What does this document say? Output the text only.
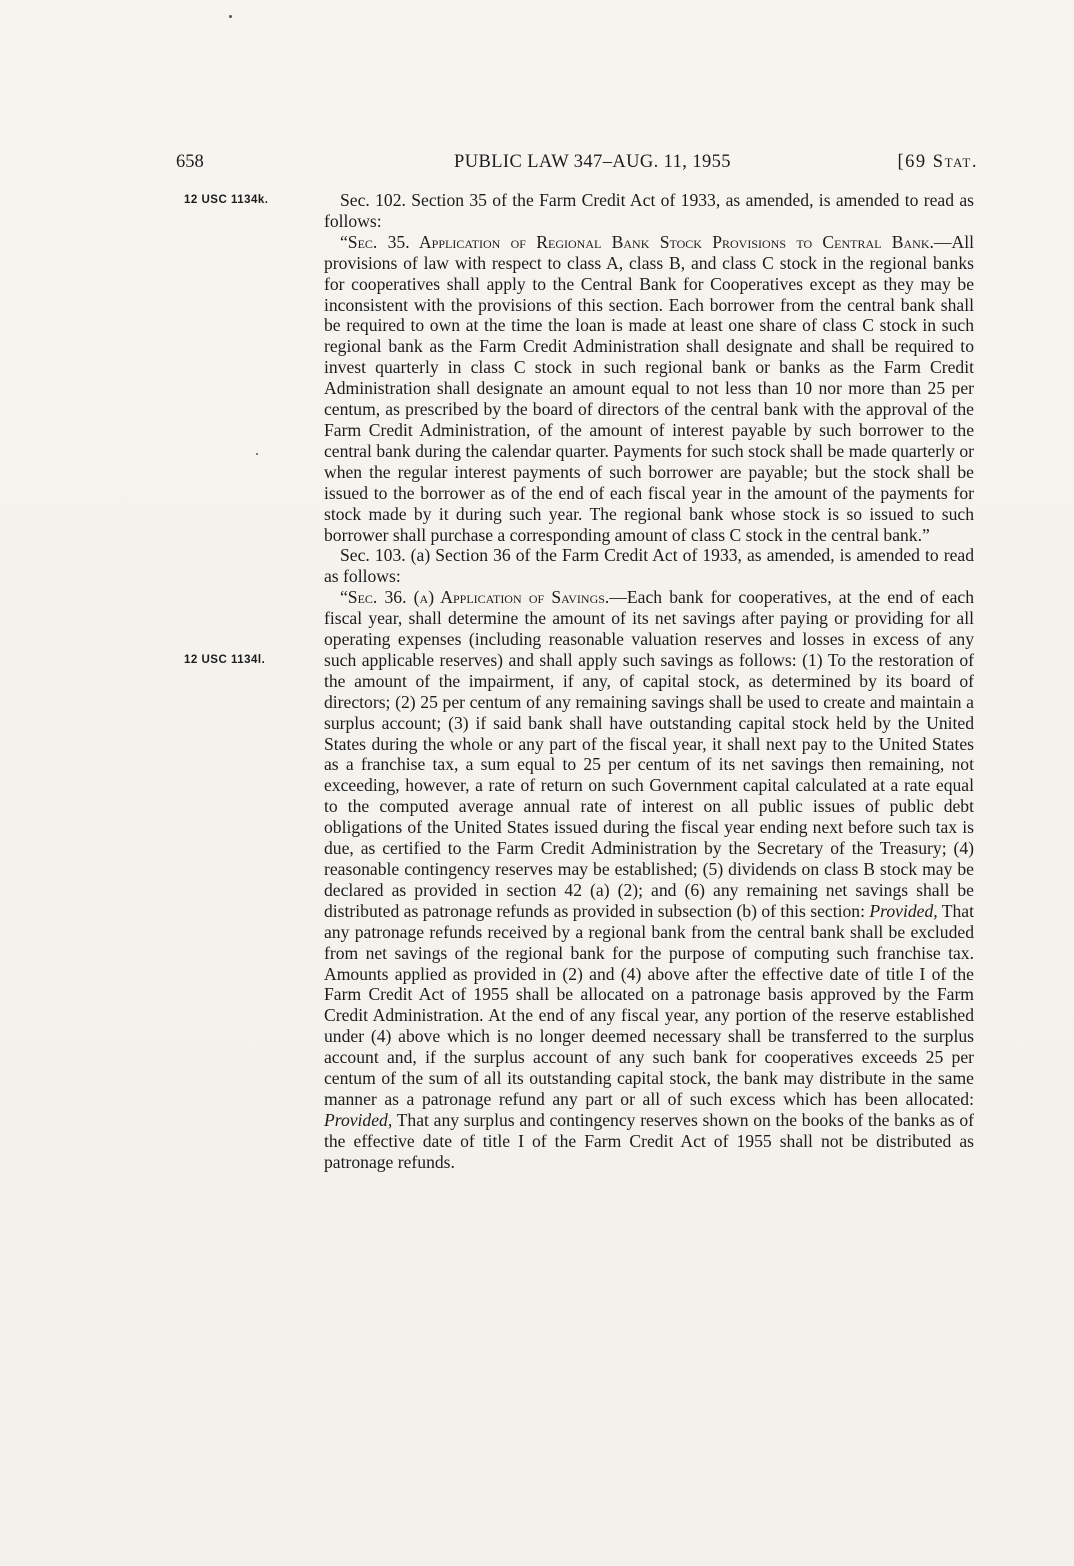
658	PUBLIC LAW 347–AUG. 11, 1955	[69 Stat.
12 USC 1134k.
12 USC 1134l.

Sec. 102. Section 35 of the Farm Credit Act of 1933, as amended, is amended to read as follows:

“Sec. 35. Application of Regional Bank Stock Provisions to Central Bank.—All provisions of law with respect to class A, class B, and class C stock in the regional banks for cooperatives shall apply to the Central Bank for Cooperatives except as they may be inconsistent with the provisions of this section. Each borrower from the central bank shall be required to own at the time the loan is made at least one share of class C stock in such regional bank as the Farm Credit Administration shall designate and shall be required to invest quarterly in class C stock in such regional bank or banks as the Farm Credit Administration shall designate an amount equal to not less than 10 nor more than 25 per centum, as prescribed by the board of directors of the central bank with the approval of the Farm Credit Administration, of the amount of interest payable by such borrower to the central bank during the calendar quarter. Payments for such stock shall be made quarterly or when the regular interest payments of such borrower are payable; but the stock shall be issued to the borrower as of the end of each fiscal year in the amount of the payments for stock made by it during such year. The regional bank whose stock is so issued to such borrower shall purchase a corresponding amount of class C stock in the central bank.”

Sec. 103. (a) Section 36 of the Farm Credit Act of 1933, as amended, is amended to read as follows:

“Sec. 36. (a) Application of Savings.—Each bank for cooperatives, at the end of each fiscal year, shall determine the amount of its net savings after paying or providing for all operating expenses (including reasonable valuation reserves and losses in excess of any such applicable reserves) and shall apply such savings as follows: (1) To the restoration of the amount of the impairment, if any, of capital stock, as determined by its board of directors; (2) 25 per centum of any remaining savings shall be used to create and maintain a surplus account; (3) if said bank shall have outstanding capital stock held by the United States during the whole or any part of the fiscal year, it shall next pay to the United States as a franchise tax, a sum equal to 25 per centum of its net savings then remaining, not exceeding, however, a rate of return on such Government capital calculated at a rate equal to the computed average annual rate of interest on all public issues of public debt obligations of the United States issued during the fiscal year ending next before such tax is due, as certified to the Farm Credit Administration by the Secretary of the Treasury; (4) reasonable contingency reserves may be established; (5) dividends on class B stock may be declared as provided in section 42 (a) (2); and (6) any remaining net savings shall be distributed as patronage refunds as provided in subsection (b) of this section: Provided, That any patronage refunds received by a regional bank from the central bank shall be excluded from net savings of the regional bank for the purpose of computing such franchise tax. Amounts applied as provided in (2) and (4) above after the effective date of title I of the Farm Credit Act of 1955 shall be allocated on a patronage basis approved by the Farm Credit Administration. At the end of any fiscal year, any portion of the reserve established under (4) above which is no longer deemed necessary shall be transferred to the surplus account and, if the surplus account of any such bank for cooperatives exceeds 25 per centum of the sum of all its outstanding capital stock, the bank may distribute in the same manner as a patronage refund any part or all of such excess which has been allocated: Provided, That any surplus and contingency reserves shown on the books of the banks as of the effective date of title I of the Farm Credit Act of 1955 shall not be distributed as patronage refunds.
